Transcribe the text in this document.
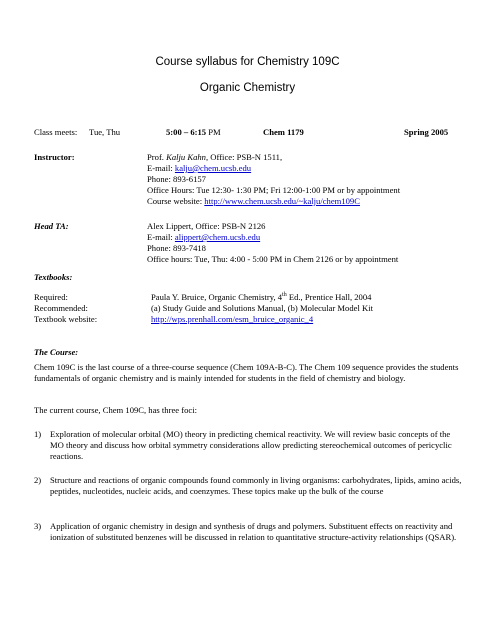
Course syllabus for Chemistry 109C
Organic Chemistry
Class meets: Tue, Thu	5:00 – 6:15 PM	Chem 1179	Spring 2005
Instructor:	Prof. Kalju Kahn, Office: PSB-N 1511,
E-mail: kalju@chem.ucsb.edu
Phone: 893-6157
Office Hours: Tue 12:30- 1:30 PM; Fri 12:00-1:00 PM or by appointment
Course website: http://www.chem.ucsb.edu/~kalju/chem109C
Head TA:	Alex Lippert, Office: PSB-N 2126
E-mail: alippert@chem.ucsb.edu
Phone: 893-7418
Office hours: Tue, Thu: 4:00 - 5:00 PM in Chem 2126 or by appointment
Textbooks:
Required:	Paula Y. Bruice, Organic Chemistry, 4th Ed., Prentice Hall, 2004
Recommended:	(a) Study Guide and Solutions Manual, (b) Molecular Model Kit
Textbook website:	http://wps.prenhall.com/esm_bruice_organic_4
The Course:
Chem 109C is the last course of a three-course sequence (Chem 109A-B-C). The Chem 109 sequence provides the students fundamentals of organic chemistry and is mainly intended for students in the field of chemistry and biology.
The current course, Chem 109C, has three foci:
1) Exploration of molecular orbital (MO) theory in predicting chemical reactivity. We will review basic concepts of the MO theory and discuss how orbital symmetry considerations allow predicting stereochemical outcomes of pericyclic reactions.
2) Structure and reactions of organic compounds found commonly in living organisms: carbohydrates, lipids, amino acids, peptides, nucleotides, nucleic acids, and coenzymes. These topics make up the bulk of the course
3) Application of organic chemistry in design and synthesis of drugs and polymers. Substituent effects on reactivity and ionization of substituted benzenes will be discussed in relation to quantitative structure-activity relationships (QSAR).
